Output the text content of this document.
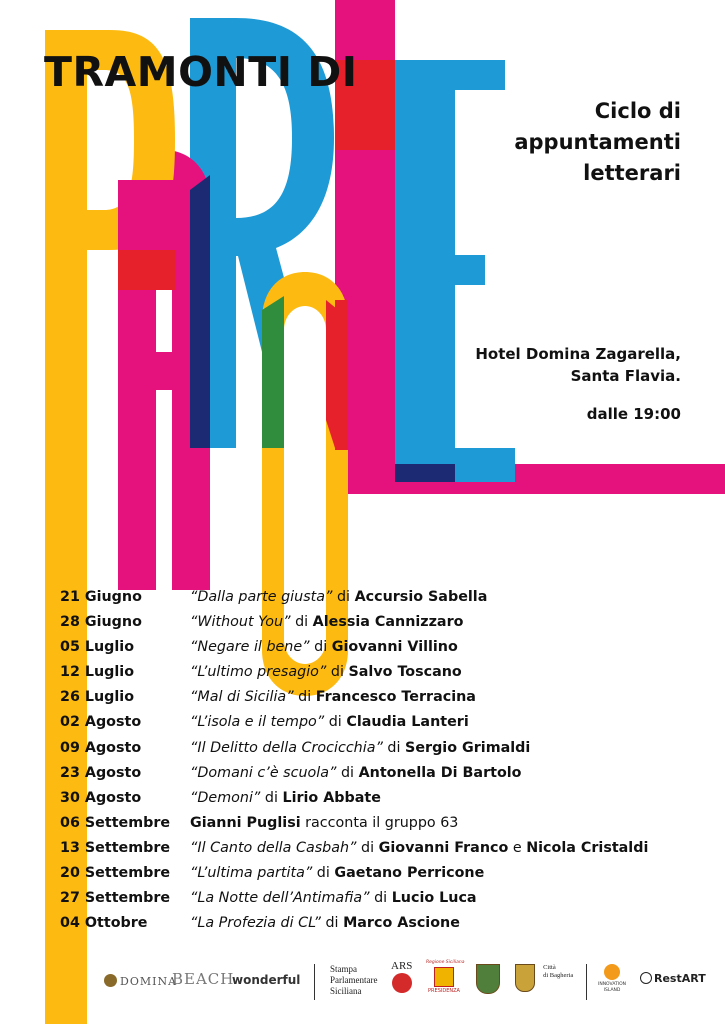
TRAMONTI DI
Ciclo di
appuntamenti
letterari
Hotel Domina Zagarella,
Santa Flavia.
dalle 19:00
21 Giugno	“Dalla parte giusta” di Accursio Sabella
28 Giugno	“Without You” di Alessia Cannizzaro
05 Luglio	“Negare il bene” di Giovanni Villino
12 Luglio	“L’ultimo presagio” di Salvo Toscano
26 Luglio	“Mal di Sicilia” di Francesco Terracina
02 Agosto	“L’isola e il tempo” di Claudia Lanteri
09 Agosto	“Il Delitto della Crocicchia” di Sergio Grimaldi
23 Agosto	“Domani c’è scuola” di Antonella Di Bartolo
30 Agosto	“Demoni” di Lirio Abbate
06 Settembre Gianni Puglisi racconta il gruppo 63
13 Settembre “Il Canto della Casbah” di Giovanni Franco e Nicola Cristaldi
20 Settembre “L’ultima partita” di Gaetano Perricone
27 Settembre “La Notte dell’Antimafia” di Lucio Luca
04 Ottobre	“La Profezia di CL” di Marco Ascione
DOMINA
BEACH
wonderful
Stampa
Parlamentare
Siciliana
ARS	Regione Siciliana
PRESIDENZA

Città
di Bagheria
INNOVATION
ISLAND
RestART
